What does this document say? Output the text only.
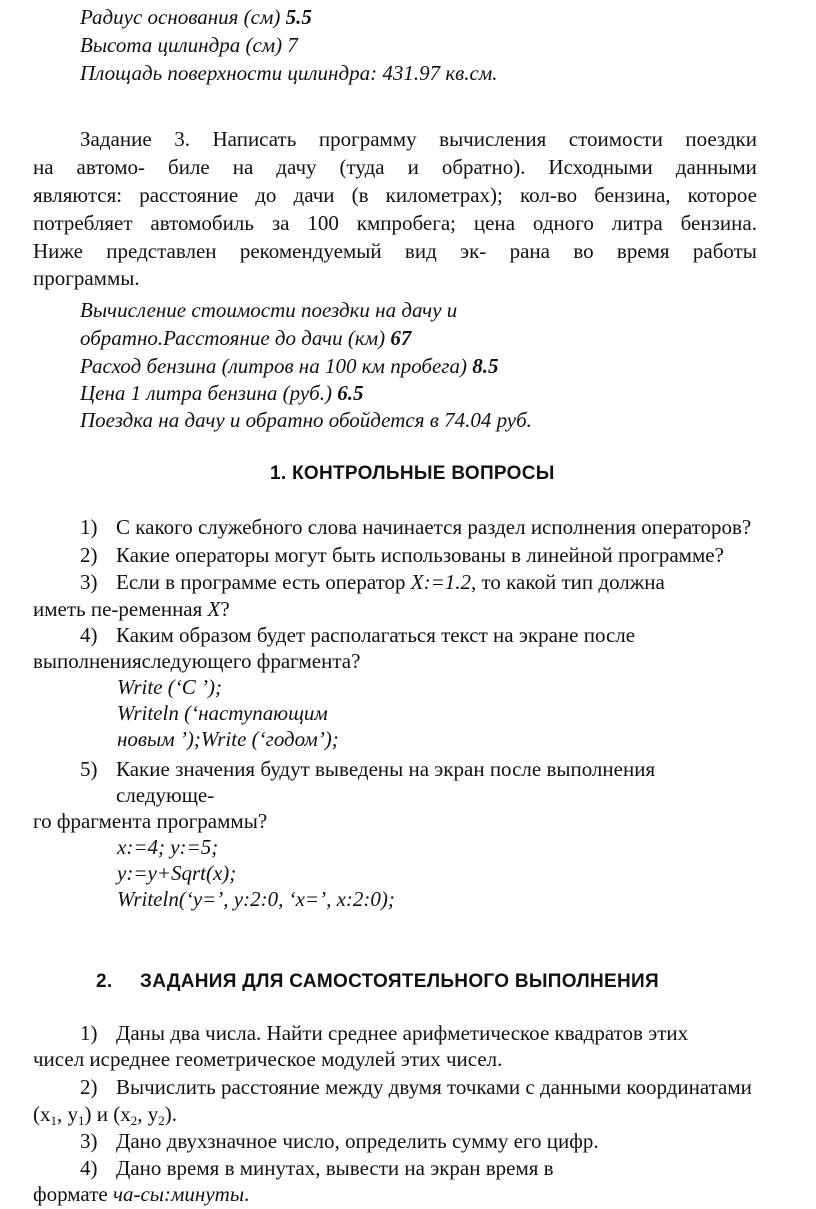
Радиус основания (см) 5.5
Высота цилиндра (см) 7
Площадь поверхности цилиндра: 431.97 кв.см.
Задание 3. Написать программу вычисления стоимости поездки
на автомо- биле на дачу (туда и обратно). Исходными данными
являются: расстояние до дачи (в километрах); кол-во бензина, которое
потребляет автомобиль за 100 кмпробега; цена одного литра бензина.
Ниже представлен рекомендуемый вид эк- рана во время работы
программы.
Вычисление стоимости поездки на дачу и
обратно.Расстояние до дачи (км) 67
Расход бензина (литров на 100 км пробега) 8.5
Цена 1 литра бензина (руб.) 6.5
Поездка на дачу и обратно обойдется в 74.04 руб.
1. КОНТРОЛЬНЫЕ ВОПРОСЫ
1) С какого служебного слова начинается раздел исполнения операторов?
2) Какие операторы могут быть использованы в линейной программе?
3) Если в программе есть оператор X:=1.2, то какой тип должна
иметь пе-ременная X?
4) Каким образом будет располагаться текст на экране после
выполненияследующего фрагмента?
Write (‘C ’);
Writeln (‘наступающим
новым ’);Write (‘годом’);
5) Какие значения будут выведены на экран после выполнения
следующе-
го фрагмента программы?
x:=4; y:=5;
y:=y+Sqrt(x);
Writeln(‘y=’, y:2:0, ‘x=’, x:2:0);
2. ЗАДАНИЯ ДЛЯ САМОСТОЯТЕЛЬНОГО ВЫПОЛНЕНИЯ
1) Даны два числа. Найти среднее арифметическое квадратов этих
чисел исреднее геометрическое модулей этих чисел.
2) Вычислить расстояние между двумя точками с данными координатами
($x_1$, $y_1$) и ($x_2$, $y_2$).
3) Дано двухзначное число, определить сумму его цифр.
4) Дано время в минутах, вывести на экран время в
формате ча-сы:минуты.
